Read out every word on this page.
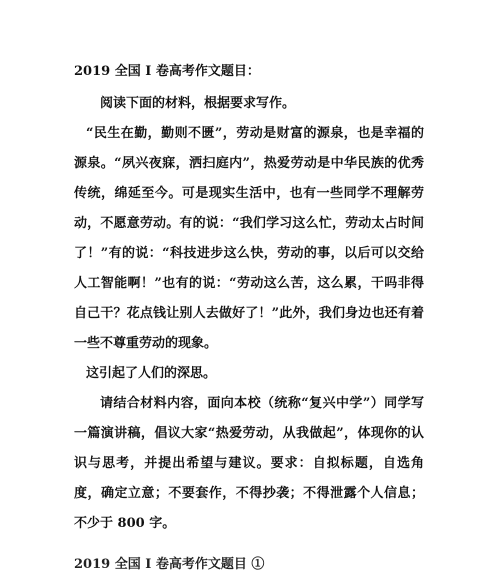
2019 全国 I 卷高考作文题目：

阅读下面的材料，根据要求写作。

“民生在勤，勤则不匮”，劳动是财富的源泉，也是幸福的源泉。“夙兴夜寐，洒扫庭内”，热爱劳动是中华民族的优秀传统，绵延至今。可是现实生活中，也有一些同学不理解劳动，不愿意劳动。有的说：“我们学习这么忙，劳动太占时间了！”有的说：“科技进步这么快，劳动的事，以后可以交给人工智能啊！”也有的说：“劳动这么苦，这么累，干吗非得自己干？花点钱让别人去做好了！”此外，我们身边也还有着一些不尊重劳动的现象。

这引起了人们的深思。

请结合材料内容，面向本校（统称“复兴中学”）同学写一篇演讲稿，倡议大家“热爱劳动，从我做起”，体现你的认识与思考，并提出希望与建议。要求：自拟标题，自选角度，确定立意；不要套作，不得抄袭；不得泄露个人信息；不少于 800 字。

2019 全国 I 卷高考作文题目 ①
